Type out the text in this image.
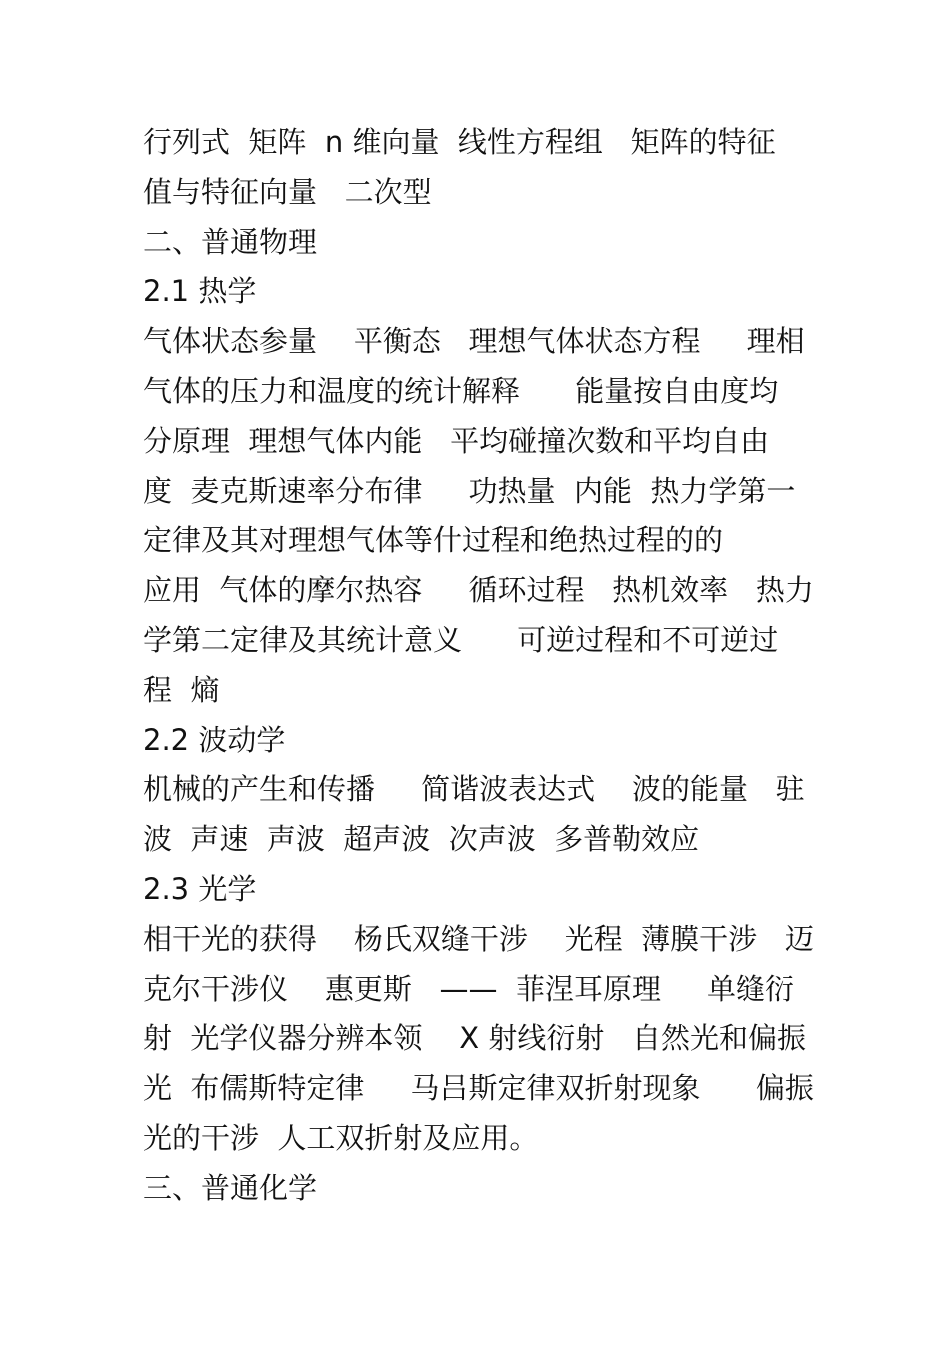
行列式  矩阵  n 维向量  线性方程组   矩阵的特征
值与特征向量   二次型
二、普通物理
2.1 热学
气体状态参量    平衡态   理想气体状态方程     理相
气体的压力和温度的统计解释      能量按自由度均
分原理  理想气体内能   平均碰撞次数和平均自由
度  麦克斯速率分布律     功热量  内能  热力学第一
定律及其对理想气体等什过程和绝热过程的的
应用  气体的摩尔热容     循环过程   热机效率   热力
学第二定律及其统计意义      可逆过程和不可逆过
程  熵
2.2 波动学
机械的产生和传播     简谐波表达式    波的能量   驻
波  声速  声波  超声波  次声波  多普勒效应
2.3 光学
相干光的获得    杨氏双缝干涉    光程  薄膜干涉   迈
克尔干涉仪    惠更斯   ——  菲涅耳原理     单缝衍
射  光学仪器分辨本领    X 射线衍射   自然光和偏振
光  布儒斯特定律     马吕斯定律双折射现象      偏振
光的干涉  人工双折射及应用。
三、普通化学
